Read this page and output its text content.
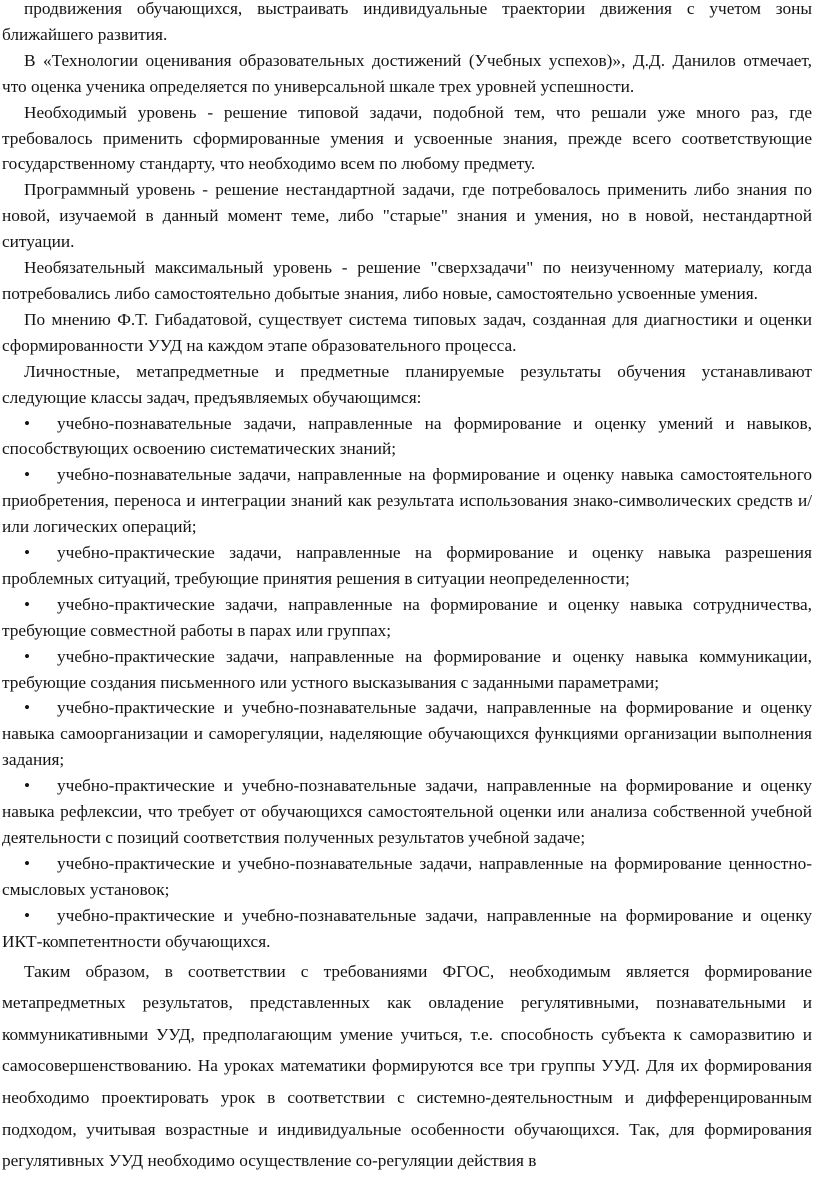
продвижения обучающихся, выстраивать индивидуальные траектории движения с учетом зоны ближайшего развития.

В «Технологии оценивания образовательных достижений (Учебных успехов)», Д.Д. Данилов отмечает, что оценка ученика определяется по универсальной шкале трех уровней успешности.

Необходимый уровень - решение типовой задачи, подобной тем, что решали уже много раз, где требовалось применить сформированные умения и усвоенные знания, прежде всего соответствующие государственному стандарту, что необходимо всем по любому предмету.

Программный уровень - решение нестандартной задачи, где потребовалось применить либо знания по новой, изучаемой в данный момент теме, либо "старые" знания и умения, но в новой, нестандартной ситуации.

Необязательный максимальный уровень - решение "сверхзадачи" по неизученному материалу, когда потребовались либо самостоятельно добытые знания, либо новые, самостоятельно усвоенные умения.

По мнению Ф.Т. Гибадатовой, существует система типовых задач, созданная для диагностики и оценки сформированности УУД на каждом этапе образовательного процесса.

Личностные, метапредметные и предметные планируемые результаты обучения устанавливают следующие классы задач, предъявляемых обучающимся:

• учебно-познавательные задачи, направленные на формирование и оценку умений и навыков, способствующих освоению систематических знаний;

• учебно-познавательные задачи, направленные на формирование и оценку навыка самостоятельного приобретения, переноса и интеграции знаний как результата использования знако-символических средств и/или логических операций;

• учебно-практические задачи, направленные на формирование и оценку навыка разрешения проблемных ситуаций, требующие принятия решения в ситуации неопределенности;

• учебно-практические задачи, направленные на формирование и оценку навыка сотрудничества, требующие совместной работы в парах или группах;

• учебно-практические задачи, направленные на формирование и оценку навыка коммуникации, требующие создания письменного или устного высказывания с заданными параметрами;

• учебно-практические и учебно-познавательные задачи, направленные на формирование и оценку навыка самоорганизации и саморегуляции, наделяющие обучающихся функциями организации выполнения задания;

• учебно-практические и учебно-познавательные задачи, направленные на формирование и оценку навыка рефлексии, что требует от обучающихся самостоятельной оценки или анализа собственной учебной деятельности с позиций соответствия полученных результатов учебной задаче;

• учебно-практические и учебно-познавательные задачи, направленные на формирование ценностно-смысловых установок;

• учебно-практические и учебно-познавательные задачи, направленные на формирование и оценку ИКТ-компетентности обучающихся.

Таким образом, в соответствии с требованиями ФГОС, необходимым является формирование метапредметных результатов, представленных как овладение регулятивными, познавательными и коммуникативными УУД, предполагающим умение учиться, т.е. способность субъекта к саморазвитию и самосовершенствованию. На уроках математики формируются все три группы УУД. Для их формирования необходимо проектировать урок в соответствии с системно-деятельностным и дифференцированным подходом, учитывая возрастные и индивидуальные особенности обучающихся. Так, для формирования регулятивных УУД необходимо осуществление со-регуляции действия в
